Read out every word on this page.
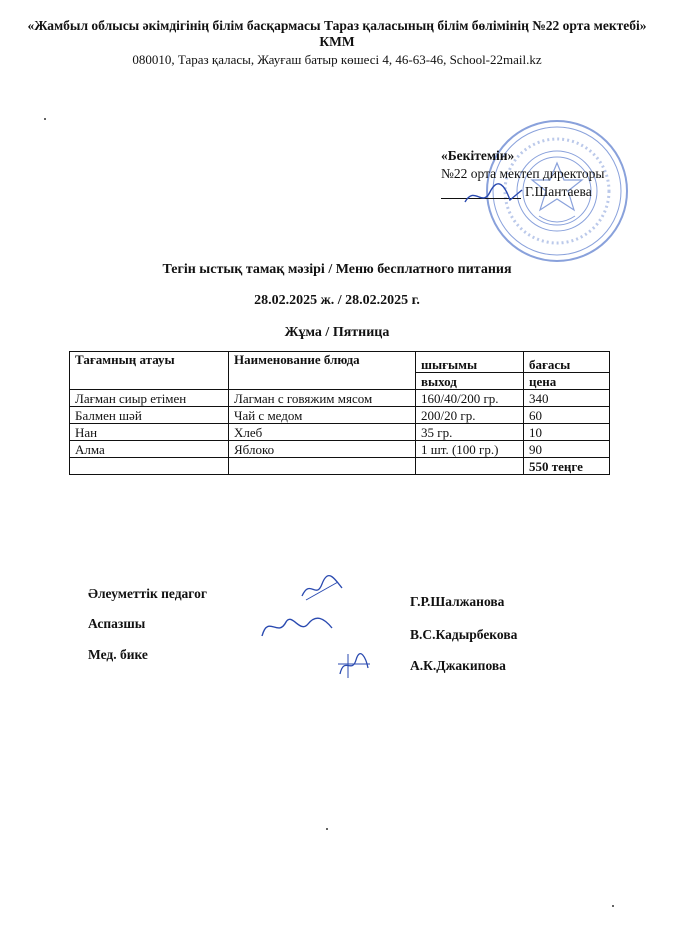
«Жамбыл облысы әкімдігінің білім басқармасы Тараз қаласының білім бөлімінің №22 орта мектебі» КММ
080010, Тараз қаласы, Жауғаш батыр көшесі 4, 46-63-46, School-22mail.kz
«Бекітемін»
№22 орта мектеп директоры
Г.Шантаева
Тегін ыстық тамақ мәзірі / Меню бесплатного питания
28.02.2025 ж. / 28.02.2025 г.
Жұма / Пятница
Тағамның атауы	Наименование блюда	шығымы	бағасы
		выход	цена
Лағман сиыр етімен	Лагман с говяжим мясом	160/40/200 гр.	340
Балмен шәй	Чай с медом	200/20 гр.	60
Нан	Хлеб	35 гр.	10
Алма	Яблоко	1 шт. (100 гр.)	90
			550 теңге
Әлеуметтік педагог
Аспазшы
Мед. бике
Г.Р.Шалжанова
В.С.Кадырбекова
А.К.Джакипова
